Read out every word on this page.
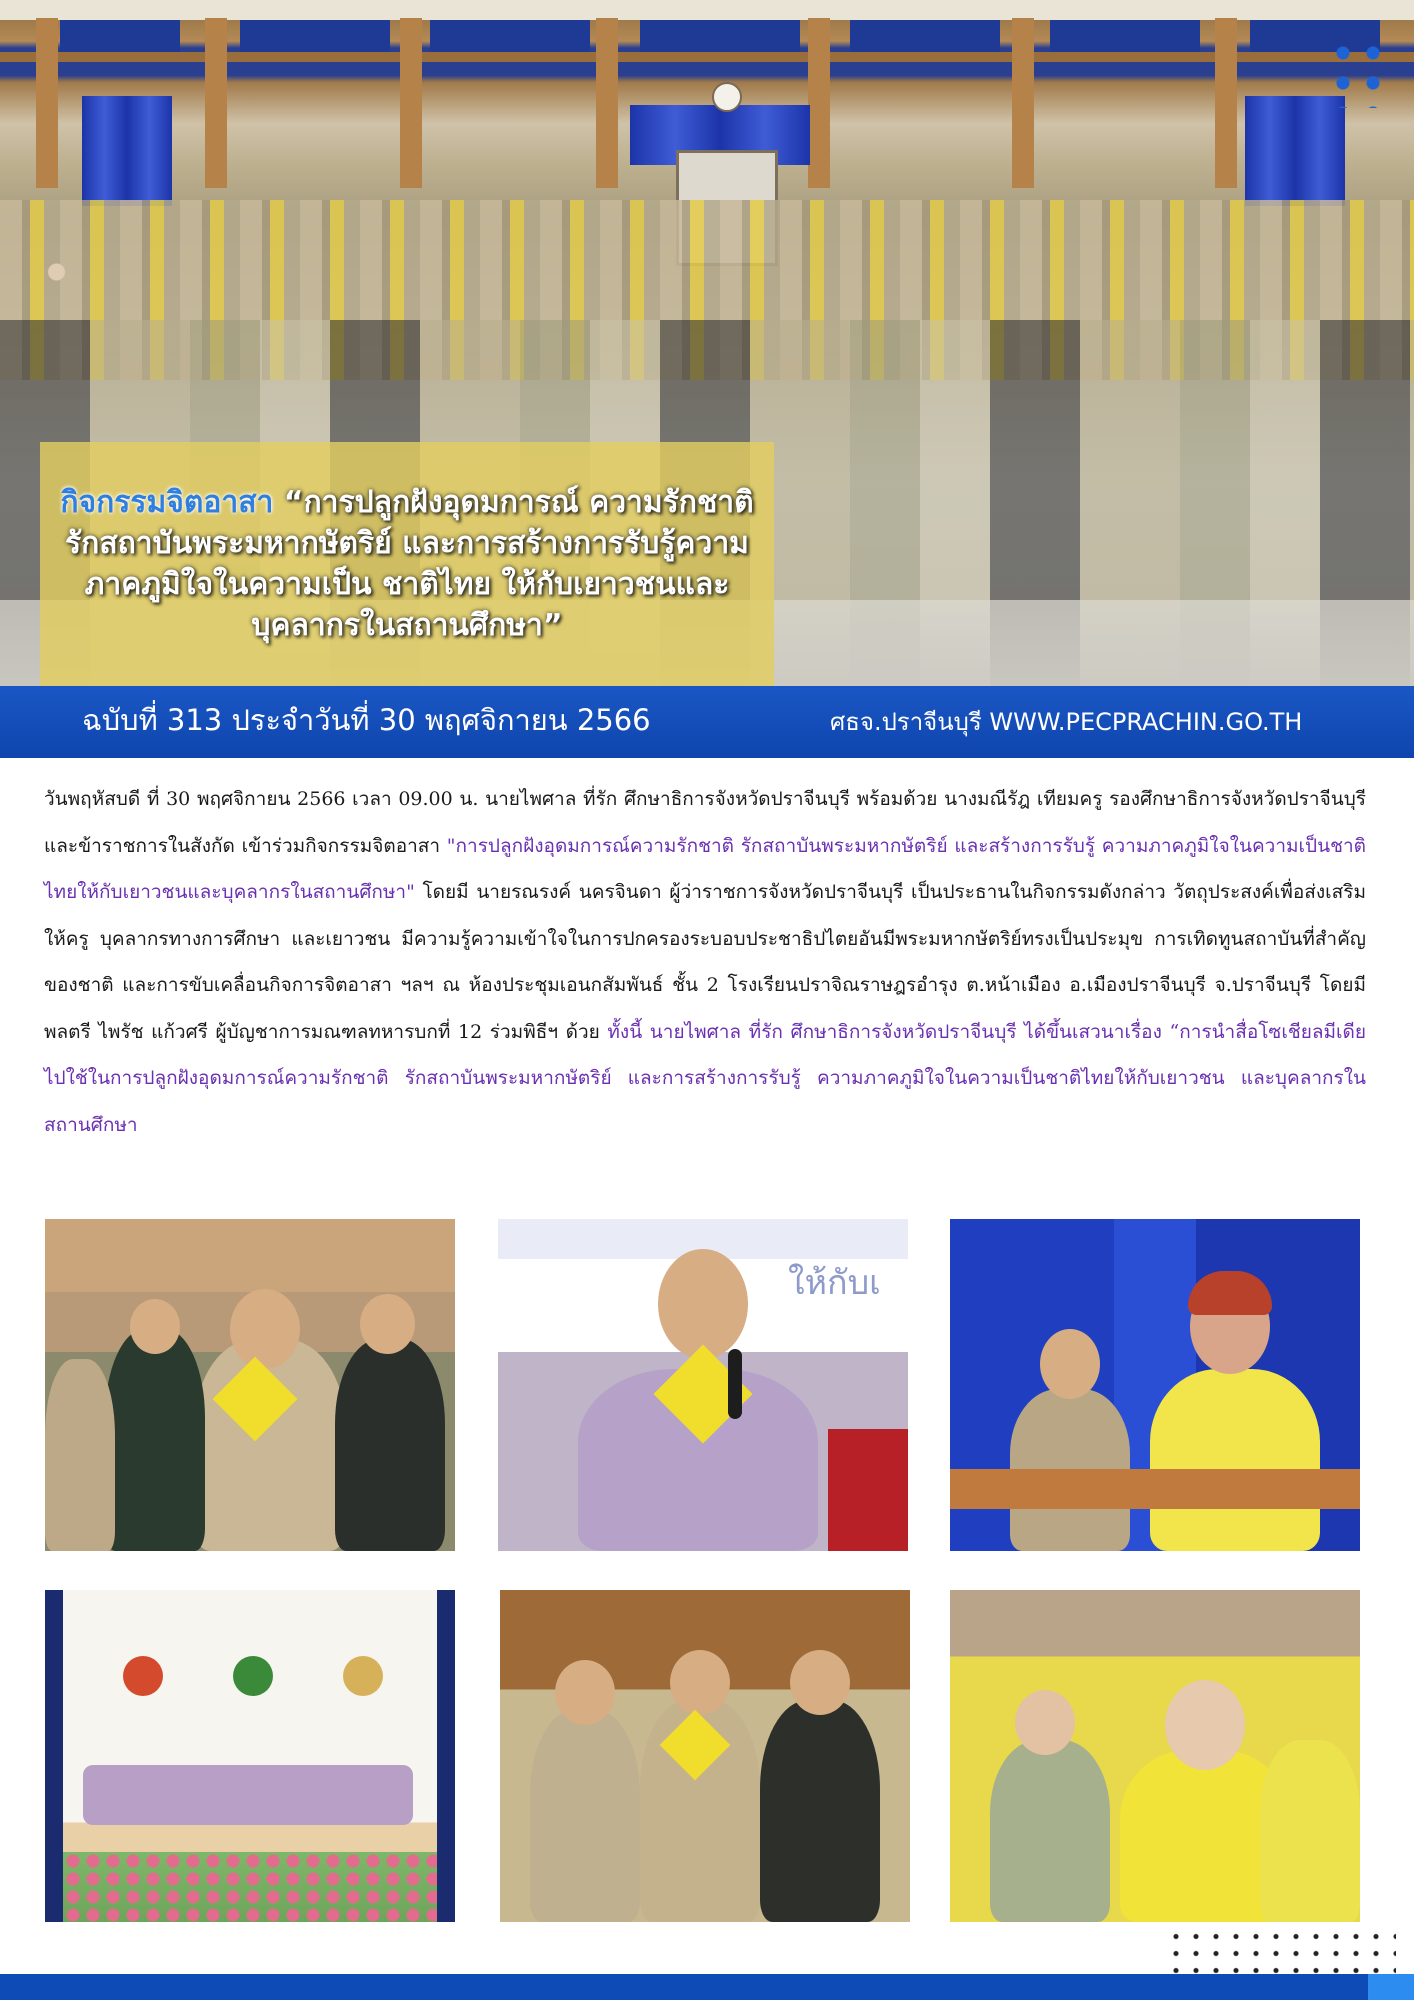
กิจกรรมจิตอาสา “การปลูกฝังอุดมการณ์ ความรักชาติ รักสถาบันพระมหากษัตริย์ และการสร้างการรับรู้ความภาคภูมิใจในความเป็น ชาติไทย ให้กับเยาวชนและบุคลากรในสถานศึกษา”

ฉบับที่ 313 ประจำวันที่ 30 พฤศจิกายน 2566	ศธจ.ปราจีนบุรี WWW.PECPRACHIN.GO.TH

วันพฤหัสบดี ที่ 30 พฤศจิกายน 2566 เวลา 09.00 น. นายไพศาล ที่รัก ศึกษาธิการจังหวัดปราจีนบุรี พร้อมด้วย นางมณีรัฎ เทียมครู รองศึกษาธิการจังหวัดปราจีนบุรี และข้าราชการในสังกัด เข้าร่วมกิจกรรมจิตอาสา "การปลูกฝังอุดมการณ์ความรักชาติ รักสถาบันพระมหากษัตริย์ และสร้างการรับรู้ ความภาคภูมิใจในความเป็นชาติไทยให้กับเยาวชนและบุคลากรในสถานศึกษา" โดยมี นายรณรงค์ นครจินดา ผู้ว่าราชการจังหวัดปราจีนบุรี เป็นประธานในกิจกรรมดังกล่าว วัตถุประสงค์เพื่อส่งเสริมให้ครู บุคลากรทางการศึกษา และเยาวชน มีความรู้ความเข้าใจในการปกครองระบอบประชาธิปไตยอันมีพระมหากษัตริย์ทรงเป็นประมุข การเทิดทูนสถาบันที่สำคัญของชาติ และการขับเคลื่อนกิจการจิตอาสา ฯลฯ ณ ห้องประชุมเอนกสัมพันธ์ ชั้น 2 โรงเรียนปราจิณราษฎรอำรุง ต.หน้าเมือง อ.เมืองปราจีนบุรี จ.ปราจีนบุรี โดยมี พลตรี ไพรัช แก้วศรี ผู้บัญชาการมณฑลทหารบกที่ 12 ร่วมพิธีฯ ด้วย ทั้งนี้ นายไพศาล ที่รัก ศึกษาธิการจังหวัดปราจีนบุรี ได้ขึ้นเสวนาเรื่อง “การนำสื่อโซเชียลมีเดียไปใช้ในการปลูกฝังอุดมการณ์ความรักชาติ รักสถาบันพระมหากษัตริย์ และการสร้างการรับรู้ ความภาคภูมิใจในความเป็นชาติไทยให้กับเยาวชน และบุคลากรในสถานศึกษา

ให้กับเ
